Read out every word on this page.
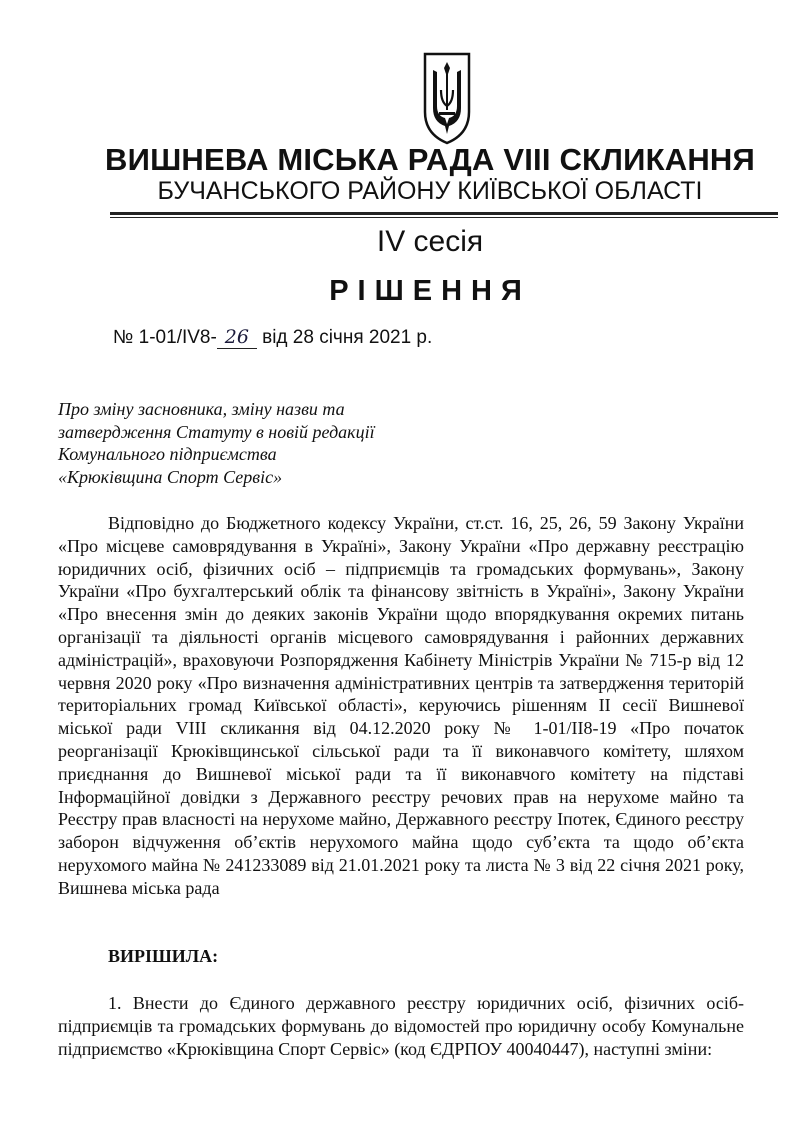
ВИШНЕВА МІСЬКА РАДА VIII СКЛИКАННЯ
БУЧАНСЬКОГО РАЙОНУ КИЇВСЬКОЇ ОБЛАСТІ
IV сесія
РІШЕННЯ
№ 1-01/IV8- 26 від 28 січня 2021 р.
Про зміну засновника, зміну назви та
затвердження Статуту в новій редакції
Комунального підприємства
«Крюківщина Спорт Сервіс»
Відповідно до Бюджетного кодексу України, ст.ст. 16, 25, 26, 59 Закону України «Про місцеве самоврядування в Україні», Закону України «Про державну реєстрацію юридичних осіб, фізичних осіб – підприємців та громадських формувань», Закону України «Про бухгалтерський облік та фінансову звітність в Україні», Закону України «Про внесення змін до деяких законів України щодо впорядкування окремих питань організації та діяльності органів місцевого самоврядування і районних державних адміністрацій», враховуючи Розпорядження Кабінету Міністрів України № 715-р від 12 червня 2020 року «Про визначення адміністративних центрів та затвердження територій територіальних громад Київської області», керуючись рішенням II сесії Вишневої міської ради VIII скликання від 04.12.2020 року № 1-01/II8-19 «Про початок реорганізації Крюківщинської сільської ради та її виконавчого комітету, шляхом приєднання до Вишневої міської ради та її виконавчого комітету на підставі Інформаційної довідки з Державного реєстру речових прав на нерухоме майно та Реєстру прав власності на нерухоме майно, Державного реєстру Іпотек, Єдиного реєстру заборон відчуження об’єктів нерухомого майна щодо суб’єкта та щодо об’єкта нерухомого майна № 241233089 від 21.01.2021 року та листа № 3 від 22 січня 2021 року, Вишнева міська рада
ВИРІШИЛА:
1. Внести до Єдиного державного реєстру юридичних осіб, фізичних осіб-підприємців та громадських формувань до відомостей про юридичну особу Комунальне підприємство «Крюківщина Спорт Сервіс» (код ЄДРПОУ 40040447), наступні зміни:
